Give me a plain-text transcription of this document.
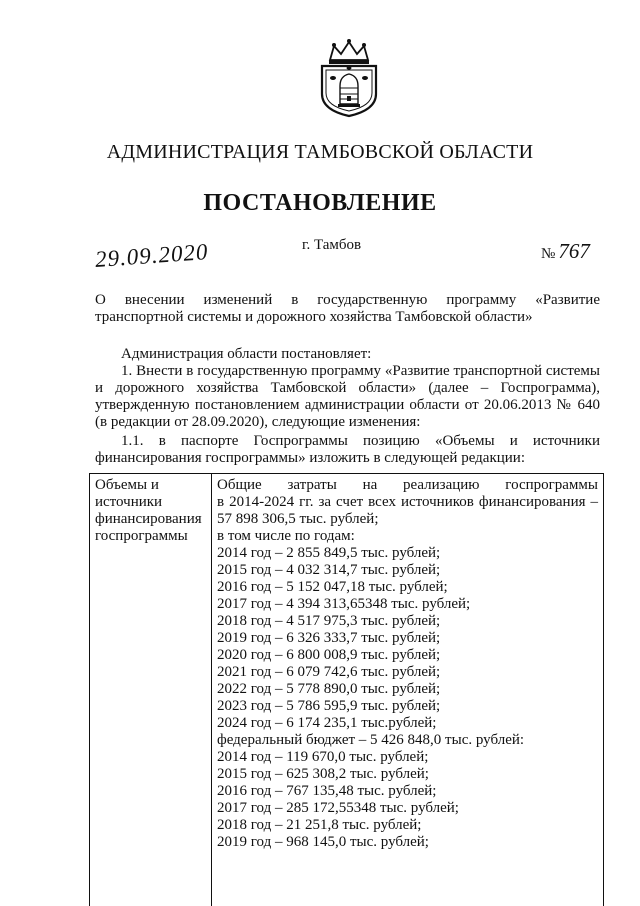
АДМИНИСТРАЦИЯ ТАМБОВСКОЙ ОБЛАСТИ
ПОСТАНОВЛЕНИЕ
29.09.2020	г. Тамбов
№ 767
О внесении изменений в государственную программу «Развитие транспортной системы и дорожного хозяйства Тамбовской области»
Администрация области постановляет:
1. Внести в государственную программу «Развитие транспортной системы и дорожного хозяйства Тамбовской области» (далее – Госпрограмма), утвержденную постановлением администрации области от 20.06.2013 № 640 (в редакции от 28.09.2020), следующие изменения:
1.1. в паспорте Госпрограммы позицию «Объемы и источники финансирования госпрограммы» изложить в следующей редакции:
Объемы и источники финансирования госпрограммы
Общие затраты на реализацию госпрограммы
в 2014-2024 гг. за счет всех источников финансирования –
57 898 306,5 тыс. рублей;
в том числе по годам:
2014 год – 2 855 849,5 тыс. рублей;
2015 год – 4 032 314,7 тыс. рублей;
2016 год – 5 152 047,18 тыс. рублей;
2017 год – 4 394 313,65348 тыс. рублей;
2018 год – 4 517 975,3 тыс. рублей;
2019 год – 6 326 333,7 тыс. рублей;
2020 год – 6 800 008,9 тыс. рублей;
2021 год – 6 079 742,6 тыс. рублей;
2022 год – 5 778 890,0 тыс. рублей;
2023 год – 5 786 595,9 тыс. рублей;
2024 год – 6 174 235,1 тыс.рублей;
федеральный бюджет – 5 426 848,0 тыс. рублей:
2014 год – 119 670,0 тыс. рублей;
2015 год – 625 308,2 тыс. рублей;
2016 год – 767 135,48 тыс. рублей;
2017 год – 285 172,55348 тыс. рублей;
2018 год – 21 251,8 тыс. рублей;
2019 год – 968 145,0 тыс. рублей;
